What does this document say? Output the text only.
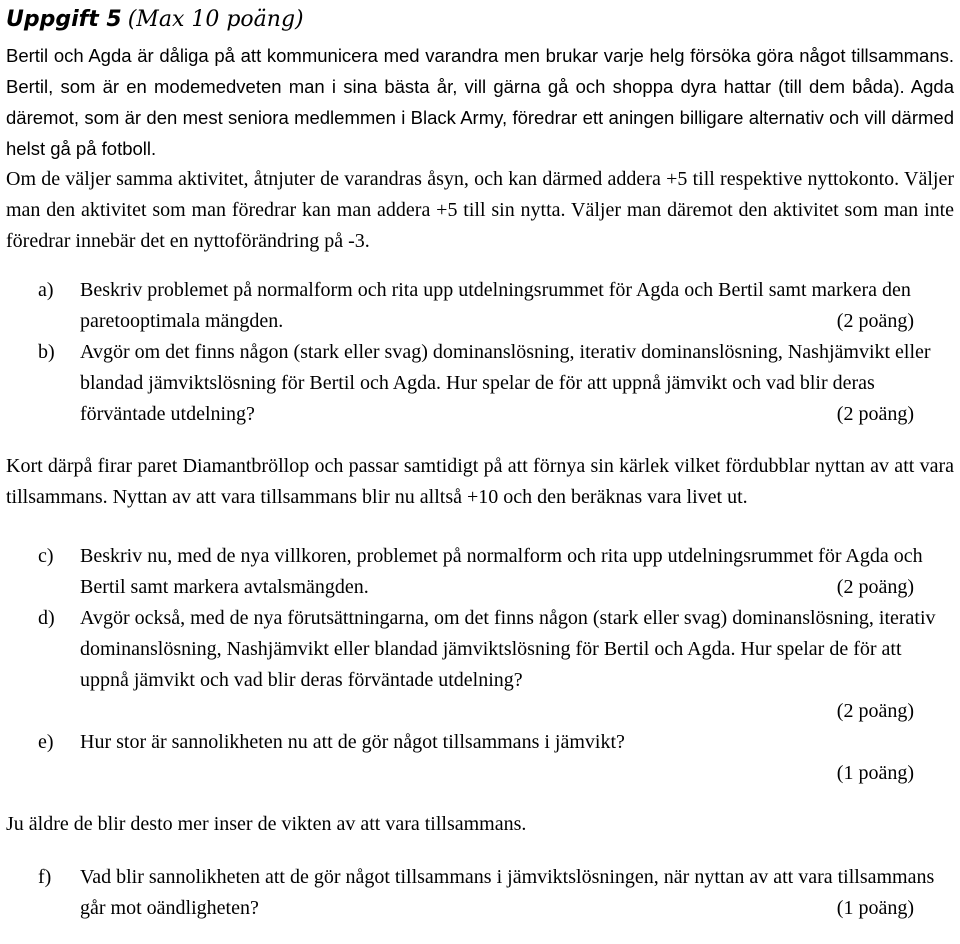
Uppgift 5 (Max 10 poäng)

Bertil och Agda är dåliga på att kommunicera med varandra men brukar varje helg försöka göra något tillsammans. Bertil, som är en modemedveten man i sina bästa år, vill gärna gå och shoppa dyra hattar (till dem båda). Agda däremot, som är den mest seniora medlemmen i Black Army, föredrar ett aningen billigare alternativ och vill därmed helst gå på fotboll.

Om de väljer samma aktivitet, åtnjuter de varandras åsyn, och kan därmed addera +5 till respektive nyttokonto. Väljer man den aktivitet som man föredrar kan man addera +5 till sin nytta. Väljer man däremot den aktivitet som man inte föredrar innebär det en nyttoförändring på -3.

a) Beskriv problemet på normalform och rita upp utdelningsrummet för Agda och Bertil samt markera den paretooptimala mängden.	(2 poäng)
b) Avgör om det finns någon (stark eller svag) dominanslösning, iterativ dominanslösning, Nashjämvikt eller blandad jämviktslösning för Bertil och Agda. Hur spelar de för att uppnå jämvikt och vad blir deras förväntade utdelning?	(2 poäng)

Kort därpå firar paret Diamantbröllop och passar samtidigt på att förnya sin kärlek vilket fördubblar nyttan av att vara tillsammans. Nyttan av att vara tillsammans blir nu alltså +10 och den beräknas vara livet ut.

c) Beskriv nu, med de nya villkoren, problemet på normalform och rita upp utdelningsrummet för Agda och Bertil samt markera avtalsmängden.	(2 poäng)
d) Avgör också, med de nya förutsättningarna, om det finns någon (stark eller svag) dominanslösning, iterativ dominanslösning, Nashjämvikt eller blandad jämviktslösning för Bertil och Agda. Hur spelar de för att uppnå jämvikt och vad blir deras förväntade utdelning?
(2 poäng)
e) Hur stor är sannolikheten nu att de gör något tillsammans i jämvikt?
(1 poäng)

Ju äldre de blir desto mer inser de vikten av att vara tillsammans.

f) Vad blir sannolikheten att de gör något tillsammans i jämviktslösningen, när nyttan av att vara tillsammans går mot oändligheten?	(1 poäng)
